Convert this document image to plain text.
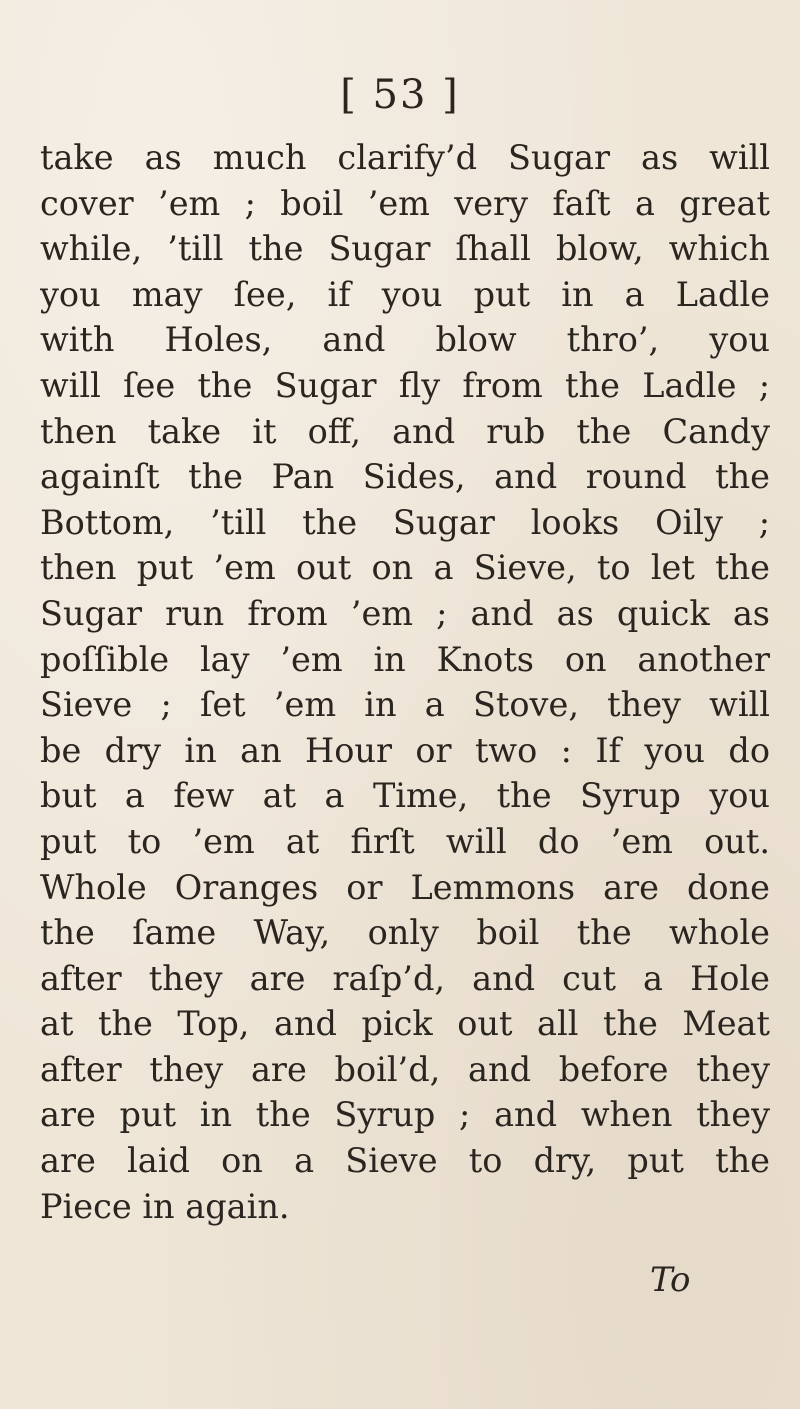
[ 53 ]
take as much clarify’d Sugar as will
cover ’em ; boil ’em very faſt a great
while, ’till the Sugar ſhall blow, which
you may ſee, if you put in a Ladle
with Holes, and blow thro’, you
will ſee the Sugar fly from the Ladle ;
then take it off, and rub the Candy
againſt the Pan Sides, and round the
Bottom, ’till the Sugar looks Oily ;
then put ’em out on a Sieve, to let the
Sugar run from ’em ; and as quick as
poſſible lay ’em in Knots on another
Sieve ; ſet ’em in a Stove, they will
be dry in an Hour or two : If you do
but a few at a Time, the Syrup you
put to ’em at firſt will do ’em out.
Whole Oranges or Lemmons are done
the ſame Way, only boil the whole
after they are raſp’d, and cut a Hole
at the Top, and pick out all the Meat
after they are boil’d, and before they
are put in the Syrup ; and when they
are laid on a Sieve to dry, put the
Piece in again.
To
